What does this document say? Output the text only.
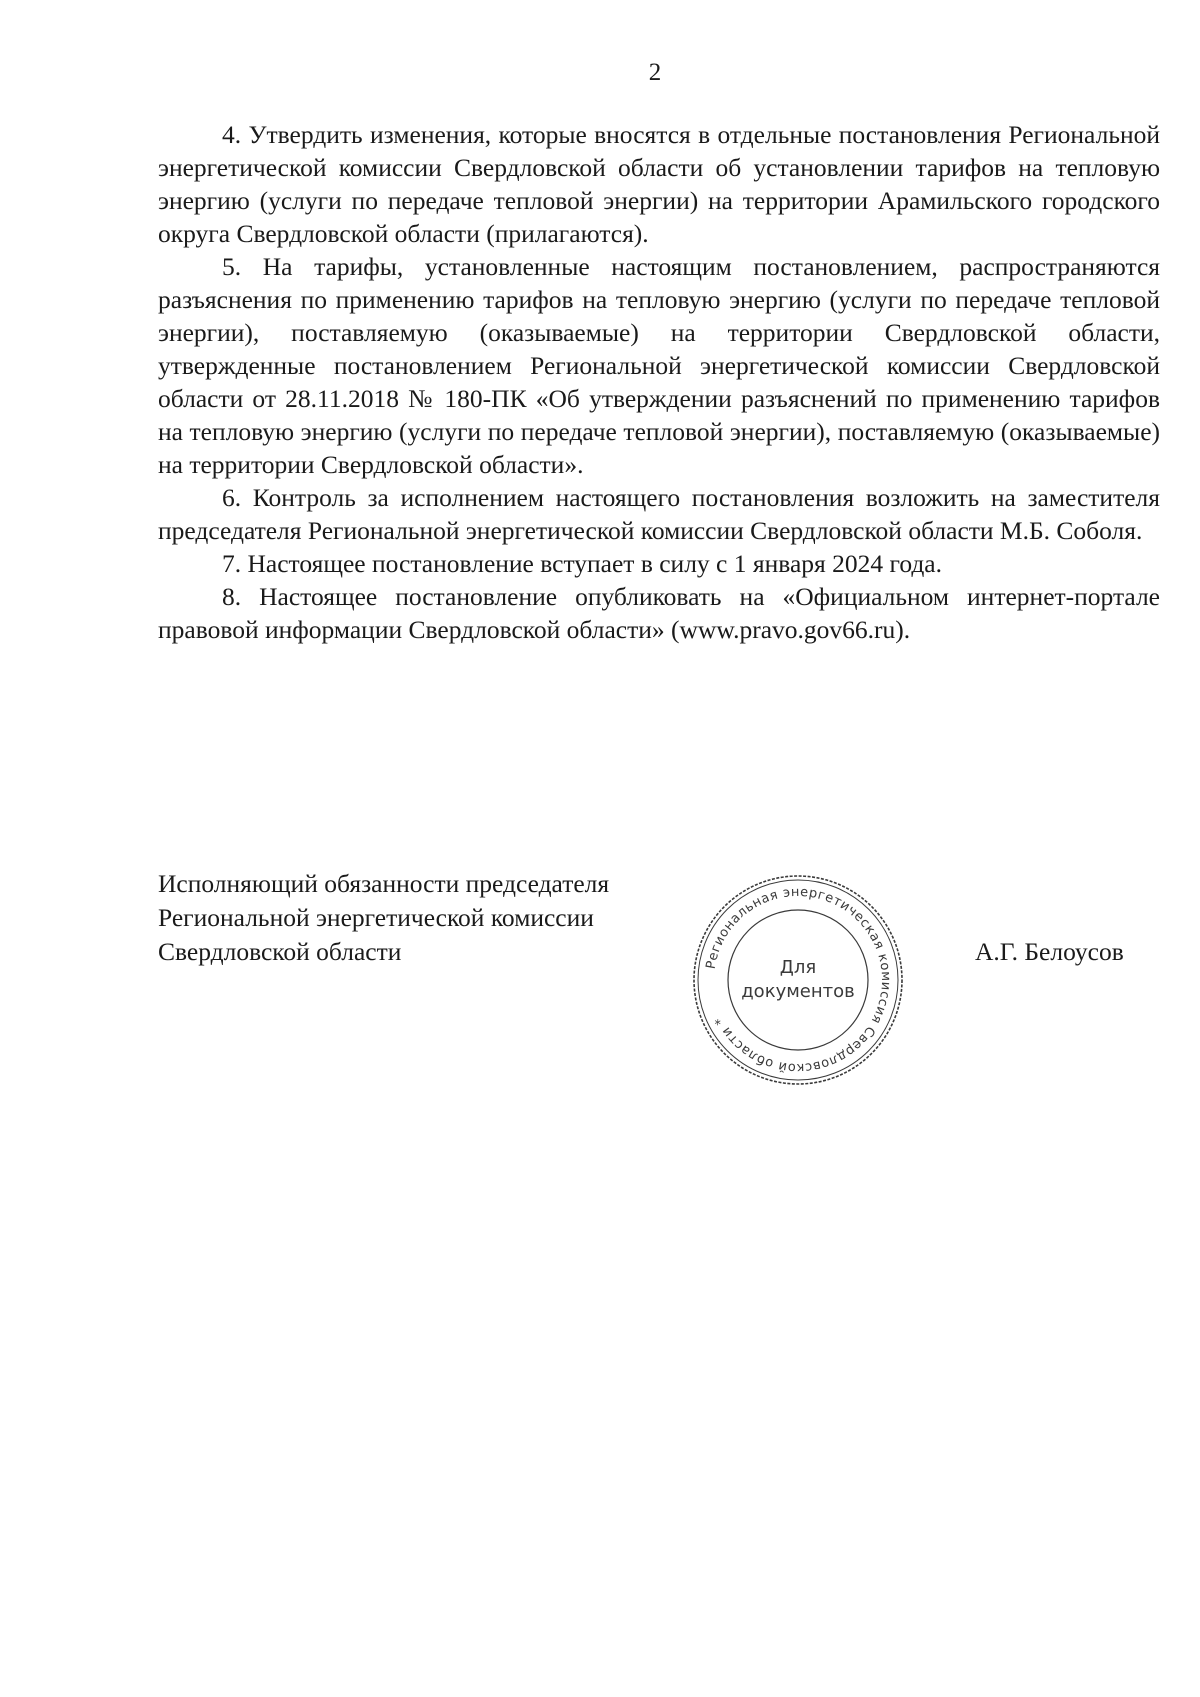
2

4. Утвердить изменения, которые вносятся в отдельные постановления Региональной энергетической комиссии Свердловской области об установлении тарифов на тепловую энергию (услуги по передаче тепловой энергии) на территории Арамильского городского округа Свердловской области (прилагаются).

5. На тарифы, установленные настоящим постановлением, распространяются разъяснения по применению тарифов на тепловую энергию (услуги по передаче тепловой энергии), поставляемую (оказываемые) на территории Свердловской области, утвержденные постановлением Региональной энергетической комиссии Свердловской области от 28.11.2018 № 180-ПК «Об утверждении разъяснений по применению тарифов на тепловую энергию (услуги по передаче тепловой энергии), поставляемую (оказываемые) на территории Свердловской области».

6. Контроль за исполнением настоящего постановления возложить на заместителя председателя Региональной энергетической комиссии Свердловской области М.Б. Соболя.

7. Настоящее постановление вступает в силу с 1 января 2024 года.

8. Настоящее постановление опубликовать на «Официальном интернет-портале правовой информации Свердловской области» (www.pravo.gov66.ru).

Исполняющий обязанности председателя
Региональной энергетической комиссии
Свердловской области	Региональная энергетическая комиссия Свердловской области *
Для
документов
А.Г. Белоусов
